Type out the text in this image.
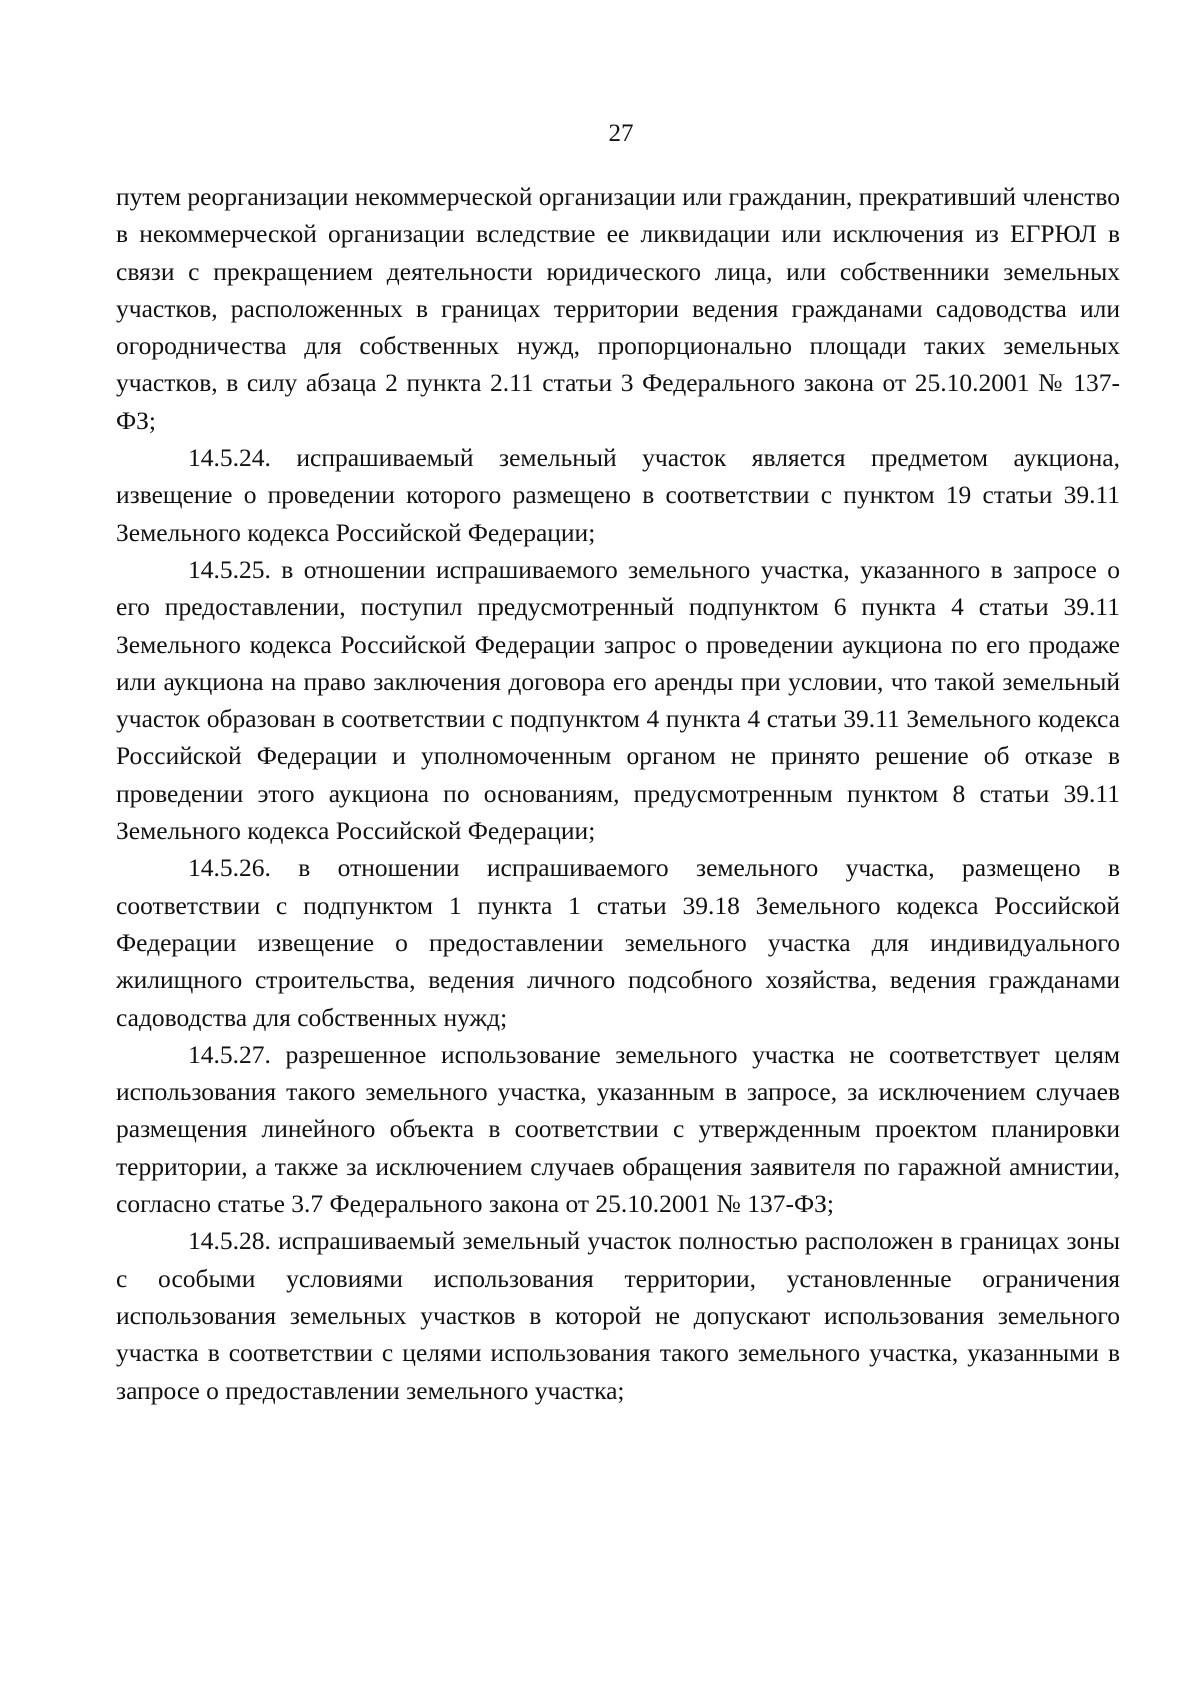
27

путем реорганизации некоммерческой организации или гражданин, прекративший членство в некоммерческой организации вследствие ее ликвидации или исключения из ЕГРЮЛ в связи с прекращением деятельности юридического лица, или собственники земельных участков, расположенных в границах территории ведения гражданами садоводства или огородничества для собственных нужд, пропорционально площади таких земельных участков, в силу абзаца 2 пункта 2.11 статьи 3 Федерального закона от 25.10.2001 № 137-ФЗ;

14.5.24. испрашиваемый земельный участок является предметом аукциона, извещение о проведении которого размещено в соответствии с пунктом 19 статьи 39.11 Земельного кодекса Российской Федерации;

14.5.25. в отношении испрашиваемого земельного участка, указанного в запросе о его предоставлении, поступил предусмотренный подпунктом 6 пункта 4 статьи 39.11 Земельного кодекса Российской Федерации запрос о проведении аукциона по его продаже или аукциона на право заключения договора его аренды при условии, что такой земельный участок образован в соответствии с подпунктом 4 пункта 4 статьи 39.11 Земельного кодекса Российской Федерации и уполномоченным органом не принято решение об отказе в проведении этого аукциона по основаниям, предусмотренным пунктом 8 статьи 39.11 Земельного кодекса Российской Федерации;

14.5.26. в отношении испрашиваемого земельного участка, размещено в соответствии с подпунктом 1 пункта 1 статьи 39.18 Земельного кодекса Российской Федерации извещение о предоставлении земельного участка для индивидуального жилищного строительства, ведения личного подсобного хозяйства, ведения гражданами садоводства для собственных нужд;

14.5.27. разрешенное использование земельного участка не соответствует целям использования такого земельного участка, указанным в запросе, за исключением случаев размещения линейного объекта в соответствии с утвержденным проектом планировки территории, а также за исключением случаев обращения заявителя по гаражной амнистии, согласно статье 3.7 Федерального закона от 25.10.2001 № 137-ФЗ;

14.5.28. испрашиваемый земельный участок полностью расположен в границах зоны с особыми условиями использования территории, установленные ограничения использования земельных участков в которой не допускают использования земельного участка в соответствии с целями использования такого земельного участка, указанными в запросе о предоставлении земельного участка;
